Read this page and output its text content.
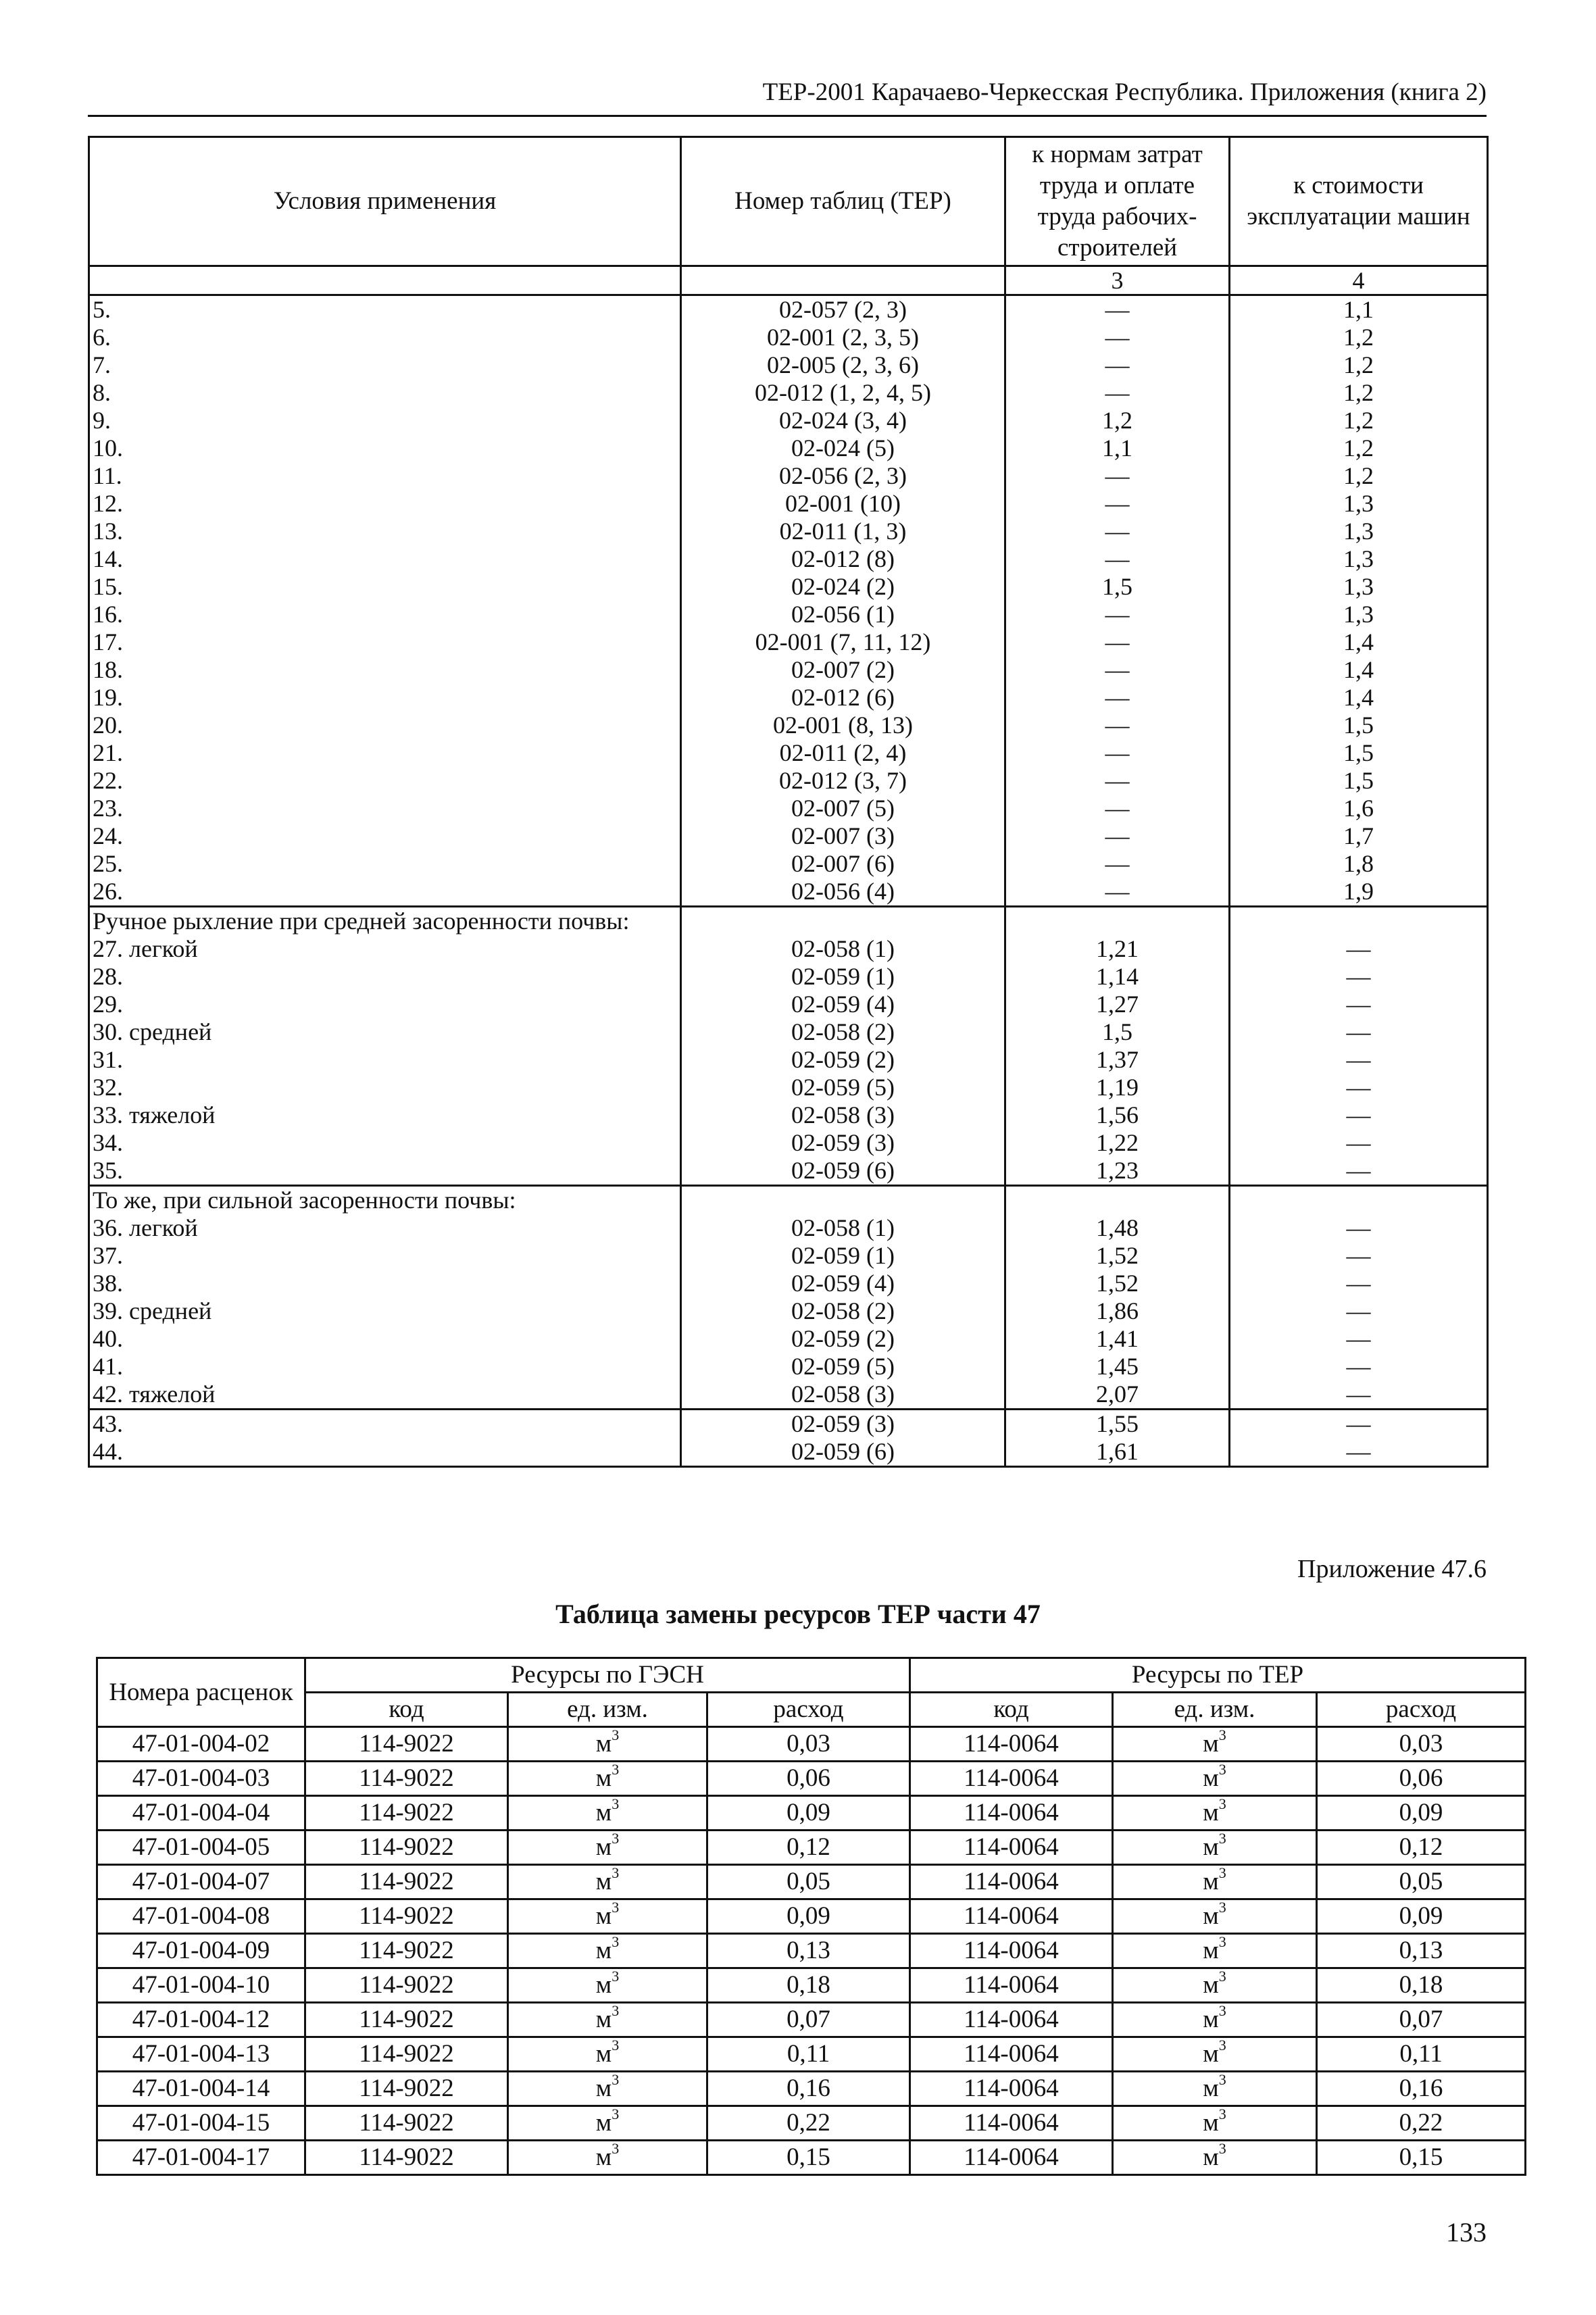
ТЕР-2001 Карачаево-Черкесская Республика. Приложения (книга 2)
Условия применения	Номер таблиц (ТЕР)	к нормам затрат труда и оплате труда рабочих-строителей	к стоимости эксплуатации машин
		3	4
5.	02-057 (2, 3)	—	1,1
6.	02-001 (2, 3, 5)	—	1,2
7.	02-005 (2, 3, 6)	—	1,2
8.	02-012 (1, 2, 4, 5)	—	1,2
9.	02-024 (3, 4)	1,2	1,2
10.	02-024 (5)	1,1	1,2
11.	02-056 (2, 3)	—	1,2
12.	02-001 (10)	—	1,3
13.	02-011 (1, 3)	—	1,3
14.	02-012 (8)	—	1,3
15.	02-024 (2)	1,5	1,3
16.	02-056 (1)	—	1,3
17.	02-001 (7, 11, 12)	—	1,4
18.	02-007 (2)	—	1,4
19.	02-012 (6)	—	1,4
20.	02-001 (8, 13)	—	1,5
21.	02-011 (2, 4)	—	1,5
22.	02-012 (3, 7)	—	1,5
23.	02-007 (5)	—	1,6
24.	02-007 (3)	—	1,7
25.	02-007 (6)	—	1,8
26.	02-056 (4)	—	1,9
Ручное рыхление при средней засоренности почвы:			
27. легкой	02-058 (1)	1,21	—
28.	02-059 (1)	1,14	—
29.	02-059 (4)	1,27	—
30. средней	02-058 (2)	1,5	—
31.	02-059 (2)	1,37	—
32.	02-059 (5)	1,19	—
33. тяжелой	02-058 (3)	1,56	—
34.	02-059 (3)	1,22	—
35.	02-059 (6)	1,23	—
То же, при сильной засоренности почвы:			
36. легкой	02-058 (1)	1,48	—
37.	02-059 (1)	1,52	—
38.	02-059 (4)	1,52	—
39. средней	02-058 (2)	1,86	—
40.	02-059 (2)	1,41	—
41.	02-059 (5)	1,45	—
42. тяжелой	02-058 (3)	2,07	—
43.	02-059 (3)	1,55	—
44.	02-059 (6)	1,61	—
Приложение 47.6
Таблица замены ресурсов ТЕР части 47
Номера расценок	Ресурсы по ГЭСН			Ресурсы по ТЕР		
	код	ед. изм.	расход	код	ед. изм.	расход
47-01-004-02	114-9022	$м^3$	0,03	114-0064	$м^3$	0,03
47-01-004-03	114-9022	$м^3$	0,06	114-0064	$м^3$	0,06
47-01-004-04	114-9022	$м^3$	0,09	114-0064	$м^3$	0,09
47-01-004-05	114-9022	$м^3$	0,12	114-0064	$м^3$	0,12
47-01-004-07	114-9022	$м^3$	0,05	114-0064	$м^3$	0,05
47-01-004-08	114-9022	$м^3$	0,09	114-0064	$м^3$	0,09
47-01-004-09	114-9022	$м^3$	0,13	114-0064	$м^3$	0,13
47-01-004-10	114-9022	$м^3$	0,18	114-0064	$м^3$	0,18
47-01-004-12	114-9022	$м^3$	0,07	114-0064	$м^3$	0,07
47-01-004-13	114-9022	$м^3$	0,11	114-0064	$м^3$	0,11
47-01-004-14	114-9022	$м^3$	0,16	114-0064	$м^3$	0,16
47-01-004-15	114-9022	$м^3$	0,22	114-0064	$м^3$	0,22
47-01-004-17	114-9022	$м^3$	0,15	114-0064	$м^3$	0,15
133
